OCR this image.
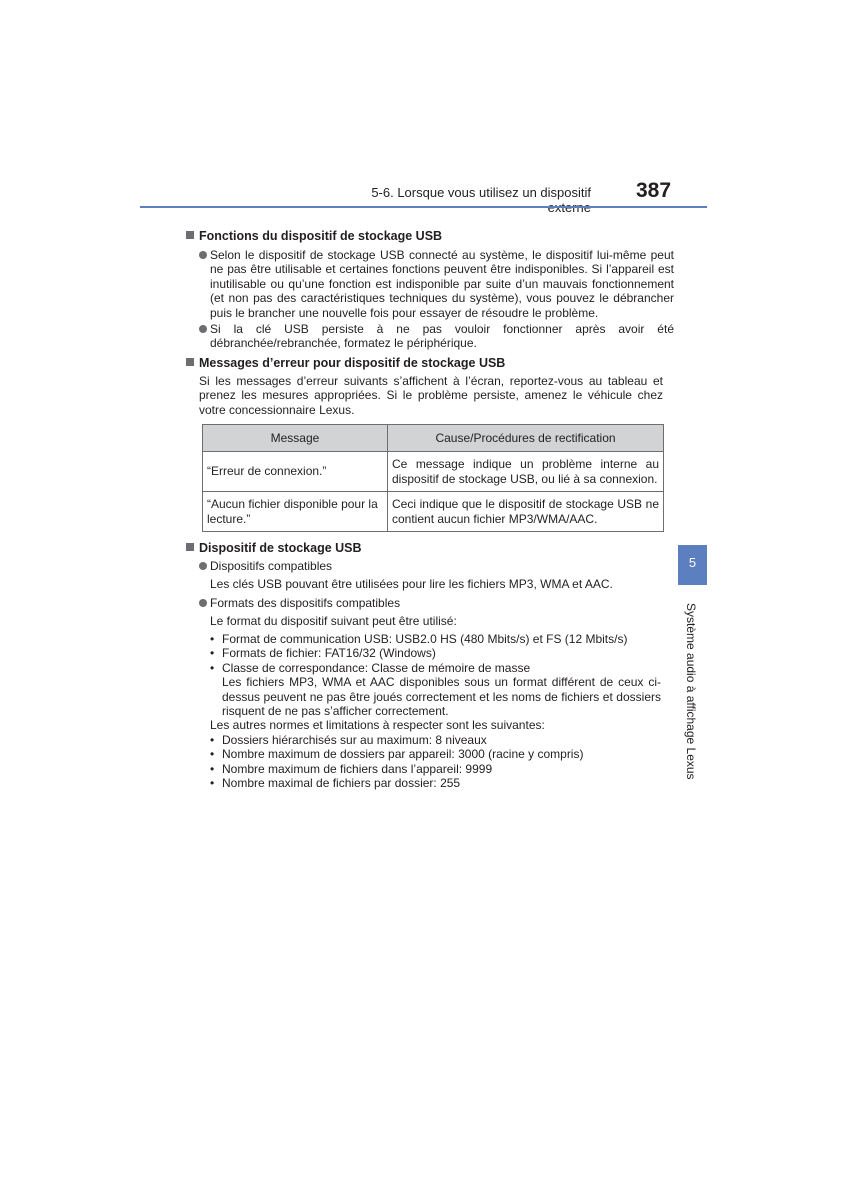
5-6. Lorsque vous utilisez un dispositif 387
Fonctions du dispositif de stockage USB
Selon le dispositif de stockage USB connecté au système, le dispositif lui-même peut ne pas être utilisable et certaines fonctions peuvent être indisponibles. Si l’appareil est inutilisable ou qu’une fonction est indisponible par suite d’un mauvais fonctionnement (et non pas des caractéristiques techniques du système), vous pouvez le débrancher puis le brancher une nouvelle fois pour essayer de résoudre le problème.
Si la clé USB persiste à ne pas vouloir fonctionner après avoir été débranchée/rebranchée, formatez le périphérique.
Messages d’erreur pour dispositif de stockage USB
Si les messages d’erreur suivants s’affichent à l’écran, reportez-vous au tableau et prenez les mesures appropriées. Si le problème persiste, amenez le véhicule chez votre concessionnaire Lexus.
Message	Cause/Procédures de rectification
“Erreur de connexion.”	Ce message indique un problème interne au dispositif de stockage USB, ou lié à sa connexion.
“Aucun fichier disponible pour la lecture.”	Ceci indique que le dispositif de stockage USB ne contient aucun fichier MP3/WMA/AAC.
Dispositif de stockage USB
Dispositifs compatibles
Les clés USB pouvant être utilisées pour lire les fichiers MP3, WMA et AAC.
Formats des dispositifs compatibles
Le format du dispositif suivant peut être utilisé:
• Format de communication USB: USB2.0 HS (480 Mbits/s) et FS (12 Mbits/s)
• Formats de fichier: FAT16/32 (Windows)
• Classe de correspondance: Classe de mémoire de masse
Les fichiers MP3, WMA et AAC disponibles sous un format différent de ceux ci-dessus peuvent ne pas être joués correctement et les noms de fichiers et dossiers risquent de ne pas s’afficher correctement.
Les autres normes et limitations à respecter sont les suivantes:
• Dossiers hiérarchisés sur au maximum: 8 niveaux
• Nombre maximum de dossiers par appareil: 3000 (racine y compris)
• Nombre maximum de fichiers dans l’appareil: 9999
• Nombre maximal de fichiers par dossier: 255
5
Système audio à affichage Lexus
